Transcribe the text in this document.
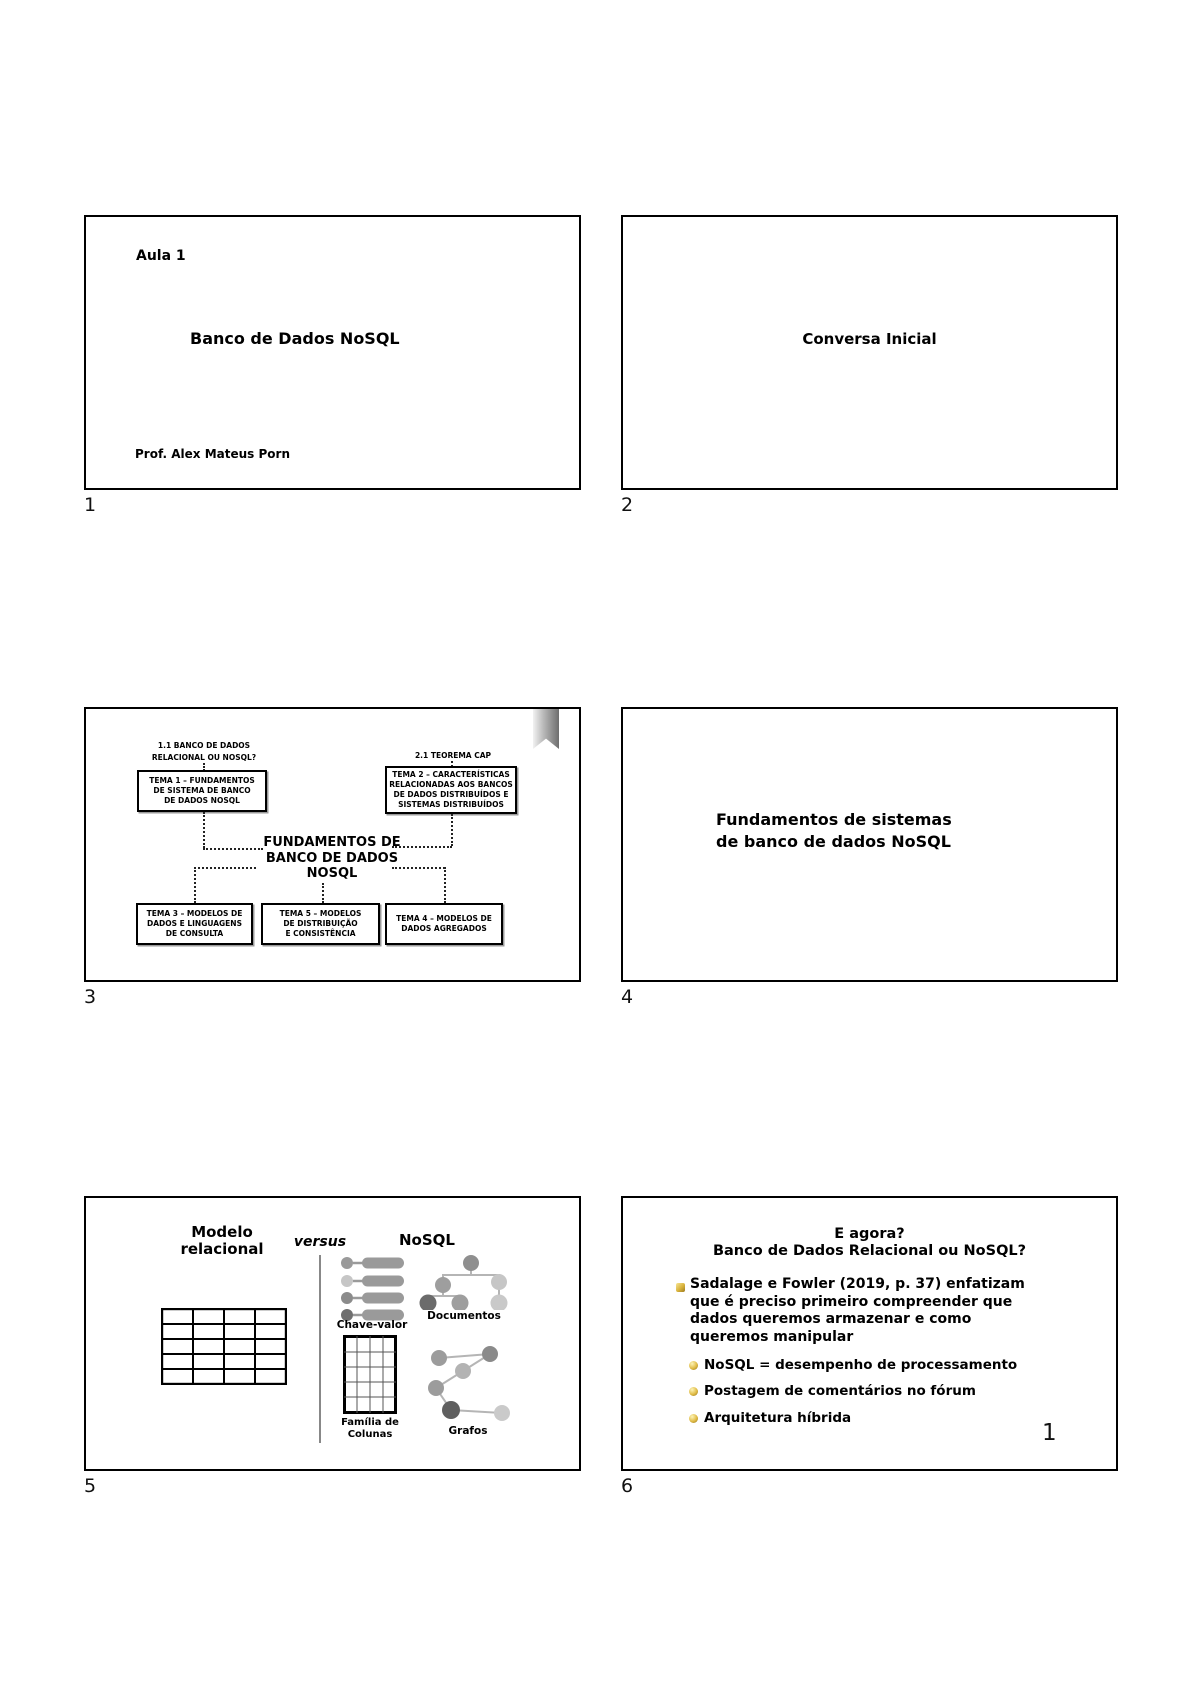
Aula 1
Banco de Dados NoSQL
Prof. Alex Mateus Porn
Conversa Inicial
1.1 BANCO DE DADOS
RELACIONAL OU NOSQL?	2.1 TEOREMA CAP
TEMA 1 – FUNDAMENTOS
DE SISTEMA DE BANCO
DE DADOS NOSQL
TEMA 2 – CARACTERÍSTICAS
RELACIONADAS AOS BANCOS
DE DADOS DISTRIBUÍDOS E
SISTEMAS DISTRIBUÍDOS
FUNDAMENTOS DE
BANCO DE DADOS
NOSQL
TEMA 3 – MODELOS DE
DADOS E LINGUAGENS
DE CONSULTA
TEMA 5 – MODELOS
DE DISTRIBUIÇÃO
E CONSISTÊNCIA
TEMA 4 – MODELOS DE
DADOS AGREGADOS
Fundamentos de sistemas
de banco de dados NoSQL
Modelo
relacional	versus	NoSQL
Chave-valor
Documentos
Família de
Colunas	Grafos
E agora?
Banco de Dados Relacional ou NoSQL?
Sadalage e Fowler (2019, p. 37) enfatizam
que é preciso primeiro compreender que
dados queremos armazenar e como
queremos manipular
NoSQL = desempenho de processamento
Postagem de comentários no fórum
Arquitetura híbrida
1	2
3	4
5	6
1
